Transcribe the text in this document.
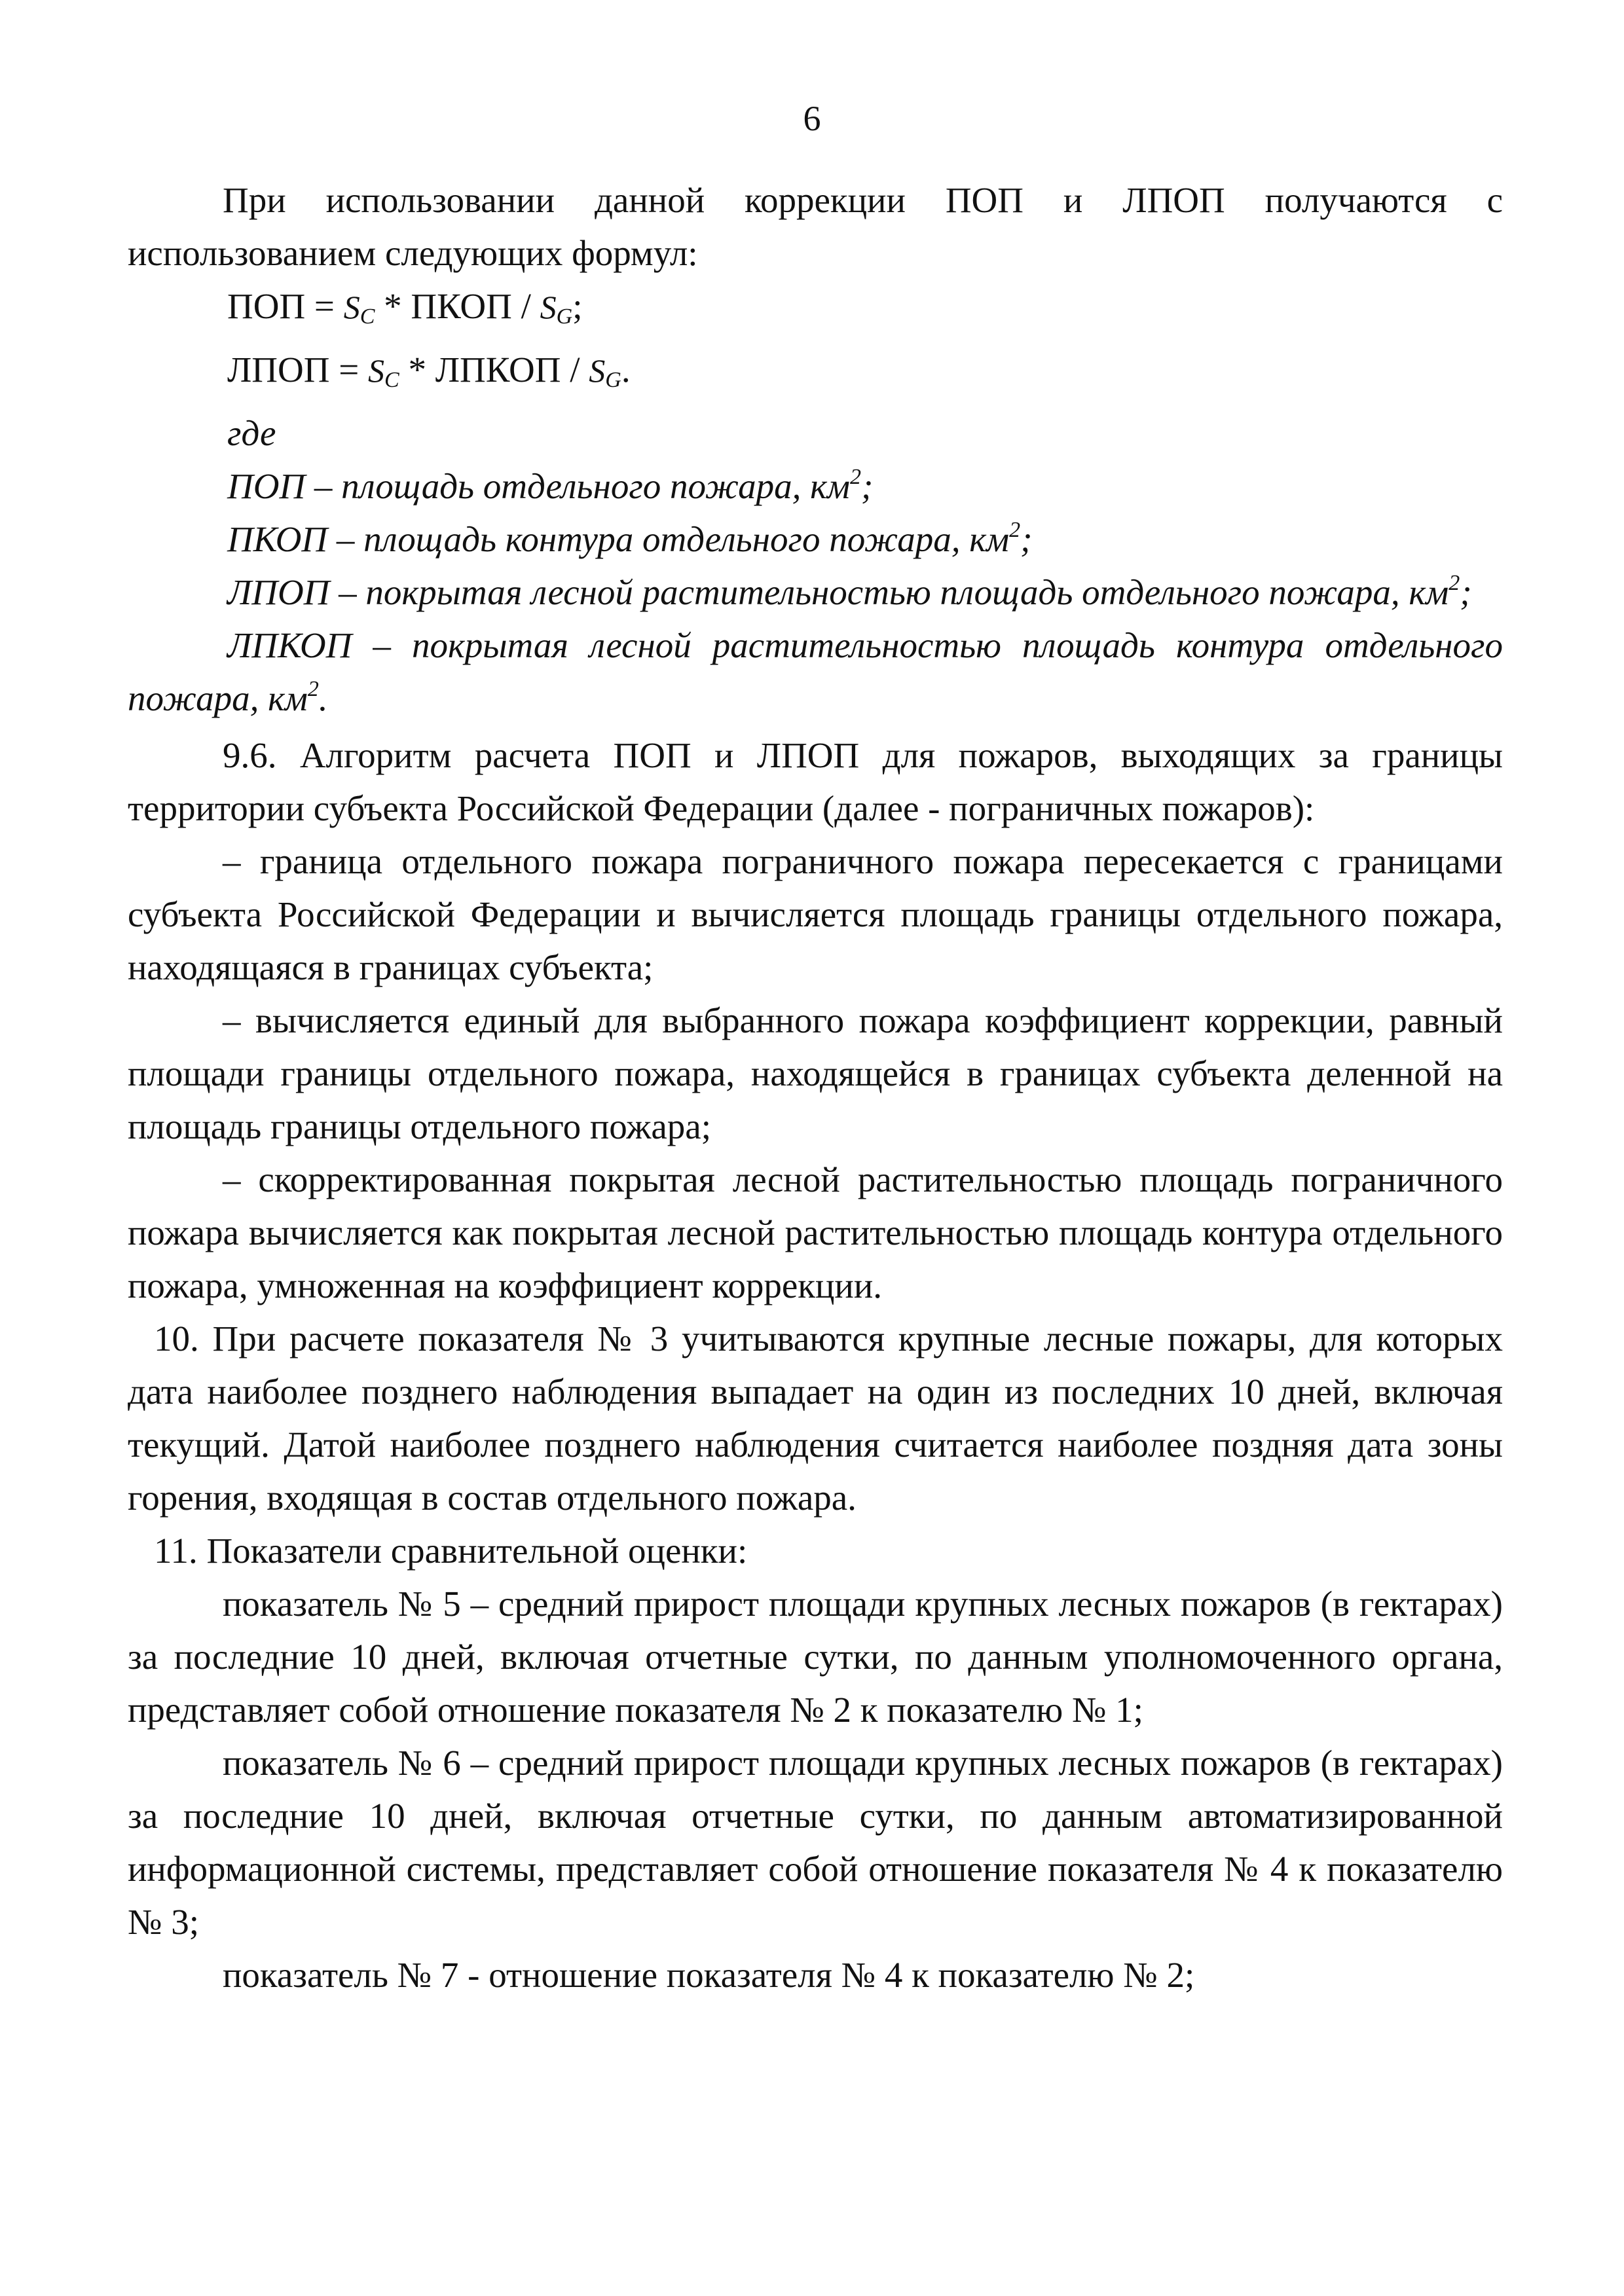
6

При использовании данной коррекции ПОП и ЛПОП получаются с использованием следующих формул:

ПОП = $S_C$ * ПКОП / $S_G$;

ЛПОП = $S_C$ * ЛПКОП / $S_G$.

где

ПОП – площадь отдельного пожара, $км^2$;

ПКОП – площадь контура отдельного пожара, $км^2$;

ЛПОП – покрытая лесной растительностью площадь отдельного пожара, $км^2$;

ЛПКОП – покрытая лесной растительностью площадь контура отдельного пожара, $км^2$.

9.6. Алгоритм расчета ПОП и ЛПОП для пожаров, выходящих за границы территории субъекта Российской Федерации (далее - пограничных пожаров):

– граница отдельного пожара пограничного пожара пересекается с границами субъекта Российской Федерации и вычисляется площадь границы отдельного пожара, находящаяся в границах субъекта;

– вычисляется единый для выбранного пожара коэффициент коррекции, равный площади границы отдельного пожара, находящейся в границах субъекта деленной на площадь границы отдельного пожара;

– скорректированная покрытая лесной растительностью площадь пограничного пожара вычисляется как покрытая лесной растительностью площадь контура отдельного пожара, умноженная на коэффициент коррекции.

10. При расчете показателя № 3 учитываются крупные лесные пожары, для которых дата наиболее позднего наблюдения выпадает на один из последних 10 дней, включая текущий. Датой наиболее позднего наблюдения считается наиболее поздняя дата зоны горения, входящая в состав отдельного пожара.

11. Показатели сравнительной оценки:

показатель № 5 – средний прирост площади крупных лесных пожаров (в гектарах) за последние 10 дней, включая отчетные сутки, по данным уполномоченного органа, представляет собой отношение показателя № 2 к показателю № 1;

показатель № 6 – средний прирост площади крупных лесных пожаров (в гектарах) за последние 10 дней, включая отчетные сутки, по данным автоматизированной информационной системы, представляет собой отношение показателя № 4 к показателю № 3;

показатель № 7 - отношение показателя № 4 к показателю № 2;
